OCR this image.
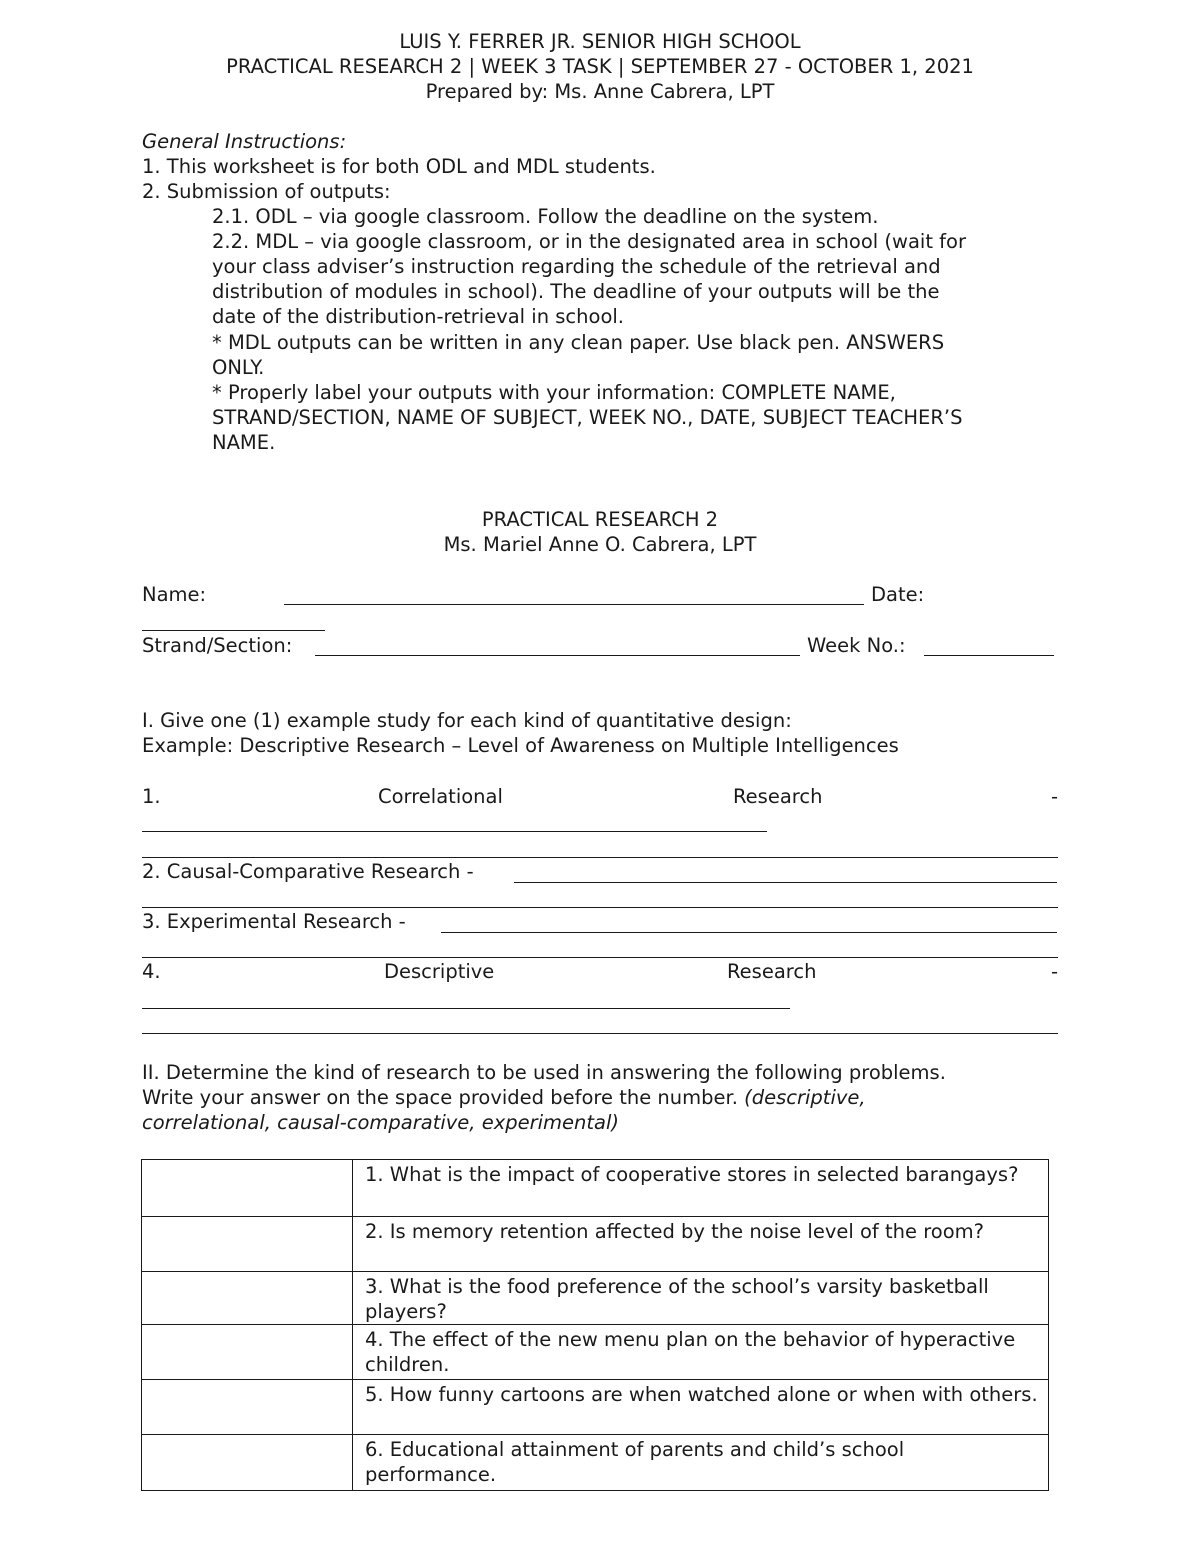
LUIS Y. FERRER JR. SENIOR HIGH SCHOOL
PRACTICAL RESEARCH 2 | WEEK 3 TASK | SEPTEMBER 27 - OCTOBER 1, 2021
Prepared by: Ms. Anne Cabrera, LPT
General Instructions:
1. This worksheet is for both ODL and MDL students.
2. Submission of outputs:
2.1. ODL – via google classroom. Follow the deadline on the system.
2.2. MDL – via google classroom, or in the designated area in school (wait for
your class adviser’s instruction regarding the schedule of the retrieval and
distribution of modules in school). The deadline of your outputs will be the
date of the distribution-retrieval in school.
* MDL outputs can be written in any clean paper. Use black pen. ANSWERS
ONLY.
* Properly label your outputs with your information: COMPLETE NAME,
STRAND/SECTION, NAME OF SUBJECT, WEEK NO., DATE, SUBJECT TEACHER’S
NAME.
PRACTICAL RESEARCH 2
Ms. Mariel Anne O. Cabrera, LPT
Name:	Date:
Strand/Section:	Week No.:
I. Give one (1) example study for each kind of quantitative design:
Example: Descriptive Research – Level of Awareness on Multiple Intelligences
1.	Correlational	Research	-
2. Causal-Comparative Research -
3. Experimental Research -
4.	Descriptive	Research	-
II. Determine the kind of research to be used in answering the following problems.
Write your answer on the space provided before the number. (descriptive,
correlational, causal-comparative, experimental)
	1. What is the impact of cooperative stores in selected barangays?
	2. Is memory retention affected by the noise level of the room?
	3. What is the food preference of the school’s varsity basketball players?
	4. The effect of the new menu plan on the behavior of hyperactive children.
	5. How funny cartoons are when watched alone or when with others.
	6. Educational attainment of parents and child’s school performance.
